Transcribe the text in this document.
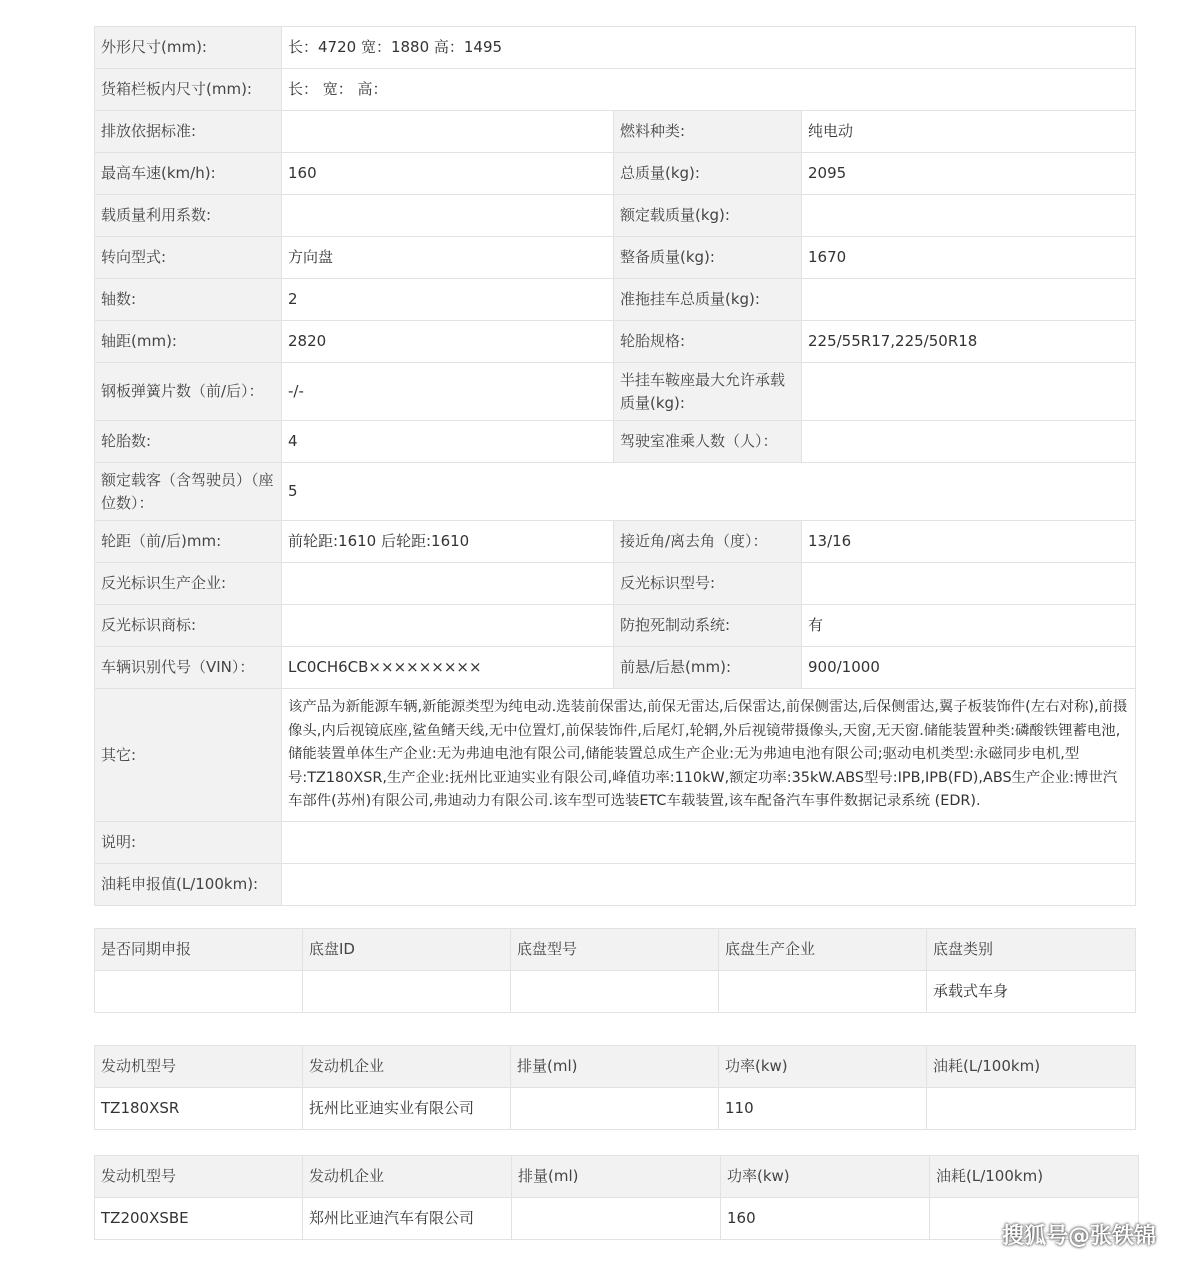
外形尺寸(mm):	长：4720 宽：1880 高：1495		
货箱栏板内尺寸(mm):	长： 宽： 高：		
排放依据标准:		燃料种类:	纯电动
最高车速(km/h):	160	总质量(kg):	2095
载质量利用系数:		额定载质量(kg):	
转向型式:	方向盘	整备质量(kg):	1670
轴数:	2	准拖挂车总质量(kg):	
轴距(mm):	2820	轮胎规格:	225/55R17,225/50R18
钢板弹簧片数（前/后）：	-/-	半挂车鞍座最大允许承载质量(kg):	
轮胎数:	4	驾驶室准乘人数（人）：	
额定载客（含驾驶员）（座位数）：	5		
轮距（前/后)mm:	前轮距:1610 后轮距:1610	接近角/离去角（度）：	13/16
反光标识生产企业:		反光标识型号:	
反光标识商标:		防抱死制动系统:	有
车辆识别代号（VIN）：	LC0CH6CB×××××××××	前悬/后悬(mm):	900/1000
其它:	该产品为新能源车辆,新能源类型为纯电动.选装前保雷达,前保无雷达,后保雷达,前保侧雷达,后保侧雷达,翼子板装饰件(左右对称),前摄像头,内后视镜底座,鲨鱼鳍天线,无中位置灯,前保装饰件,后尾灯,轮辋,外后视镜带摄像头,天窗,无天窗.储能装置种类:磷酸铁锂蓄电池,储能装置单体生产企业:无为弗迪电池有限公司,储能装置总成生产企业:无为弗迪电池有限公司;驱动电机类型:永磁同步电机,型号:TZ180XSR,生产企业:抚州比亚迪实业有限公司,峰值功率:110kW,额定功率:35kW.ABS型号:IPB,IPB(FD),ABS生产企业:博世汽车部件(苏州)有限公司,弗迪动力有限公司.该车型可选装ETC车载装置,该车配备汽车事件数据记录系统 (EDR).		
说明:			
油耗申报值(L/100km):			
是否同期申报	底盘ID	底盘型号	底盘生产企业	底盘类别
				承载式车身
发动机型号	发动机企业	排量(ml)	功率(kw)	油耗(L/100km)
TZ180XSR	抚州比亚迪实业有限公司		110	
发动机型号	发动机企业	排量(ml)	功率(kw)	油耗(L/100km)
TZ200XSBE	郑州比亚迪汽车有限公司		160	
搜狐号@张铁锦
